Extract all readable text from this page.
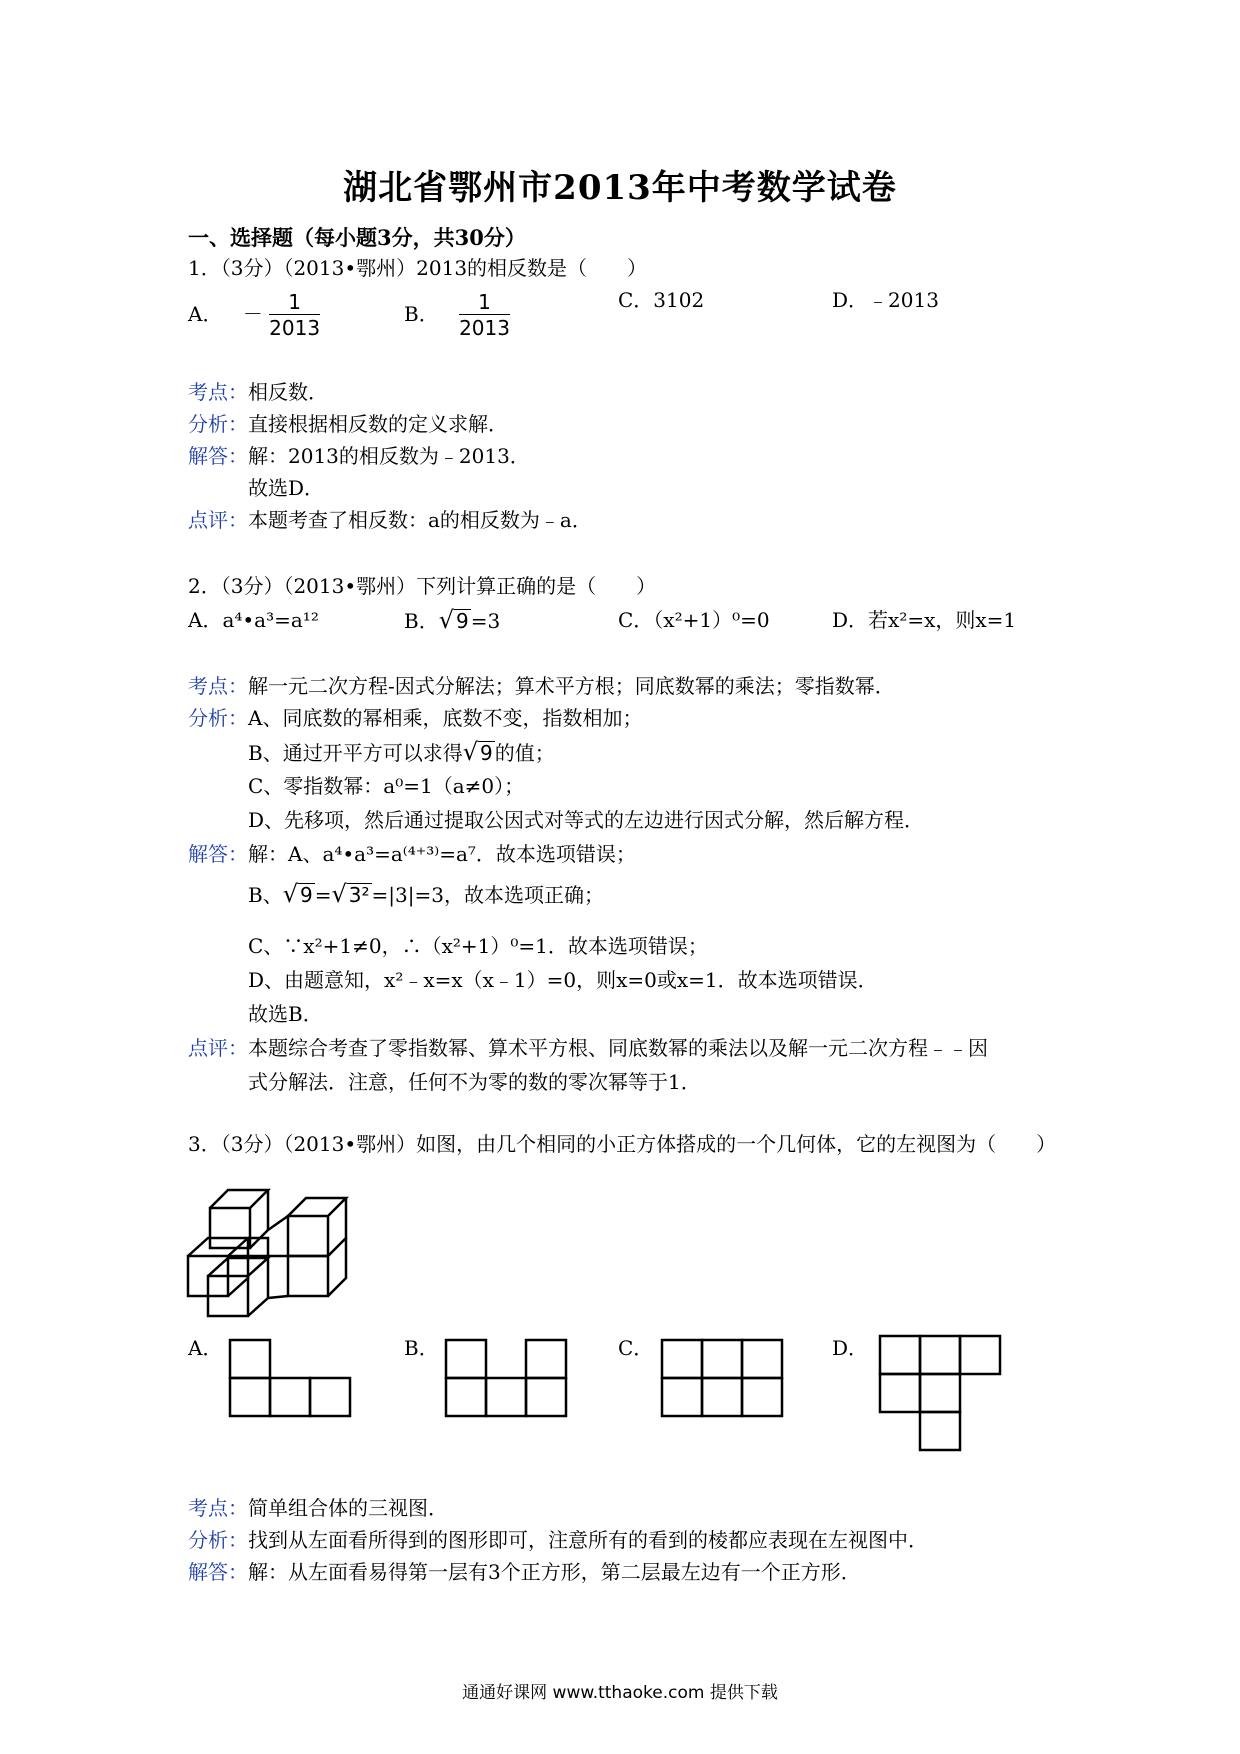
湖北省鄂州市2013年中考数学试卷
一、选择题（每小题3分，共30分）
1．（3分）（2013•鄂州）2013的相反数是（　　）
A． － $\frac{1}{2013}$	B． $\frac{1}{2013}$	C．3102	D．﹣2013
考点：相反数．
分析：直接根据相反数的定义求解．
解答：解：2013的相反数为﹣2013．
故选D．
点评：本题考查了相反数：a的相反数为﹣a．
2．（3分）（2013•鄂州）下列计算正确的是（　　）
A．a⁴•a³=a¹²	B．√ 9 =3	C．（x²+1）⁰=0	D．若x²=x，则x=1
考点：解一元二次方程-因式分解法；算术平方根；同底数幂的乘法；零指数幂．
分析：A、同底数的幂相乘，底数不变，指数相加；
B、通过开平方可以求得√ 9 的值；
C、零指数幂：a⁰=1（a≠0）；
D、先移项，然后通过提取公因式对等式的左边进行因式分解，然后解方程．
解答：解：A、a⁴•a³=a⁽⁴⁺³⁾=a⁷．故本选项错误；
B、√ 9 =√ 3² =|3|=3，故本选项正确；
C、∵x²+1≠0，∴（x²+1）⁰=1．故本选项错误；
D、由题意知，x²﹣x=x（x﹣1）=0，则x=0或x=1．故本选项错误．
故选B．
点评：本题综合考查了零指数幂、算术平方根、同底数幂的乘法以及解一元二次方程﹣﹣因
式分解法．注意，任何不为零的数的零次幂等于1．
3．（3分）（2013•鄂州）如图，由几个相同的小正方体搭成的一个几何体，它的左视图为（　　）
A．	B．	C．	D．
考点：简单组合体的三视图．
分析：找到从左面看所得到的图形即可，注意所有的看到的棱都应表现在左视图中．
解答：解：从左面看易得第一层有3个正方形，第二层最左边有一个正方形．
通通好课网 www.tthaoke.com 提供下载
